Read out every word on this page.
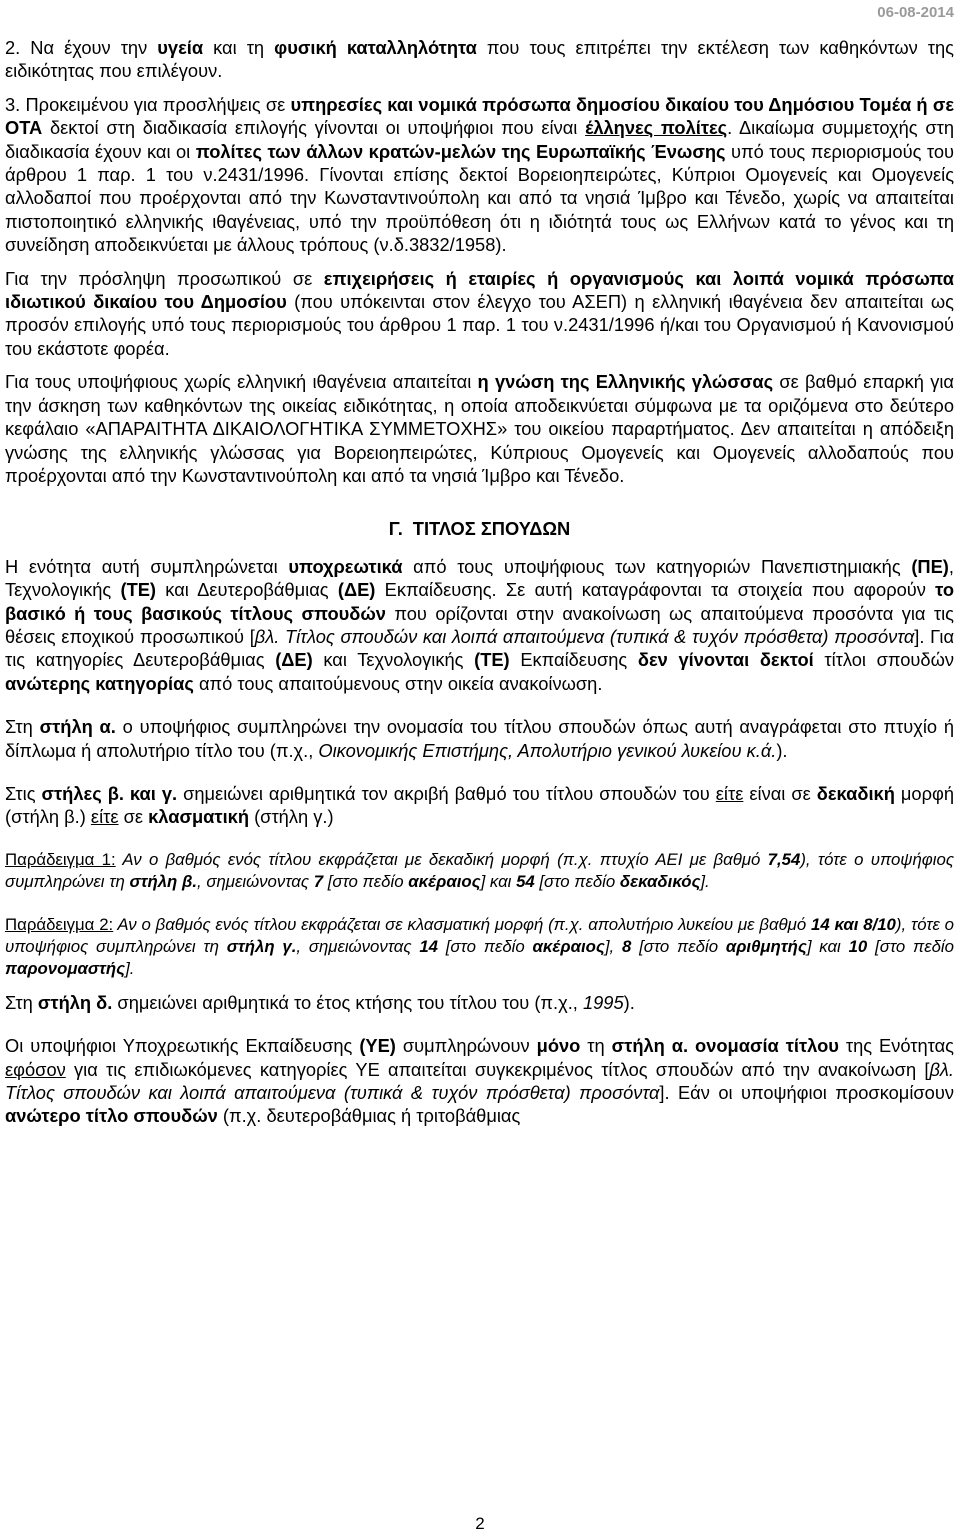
06-08-2014

2. Να έχουν την υγεία και τη φυσική καταλληλότητα που τους επιτρέπει την εκτέλεση των καθηκόντων της ειδικότητας που επιλέγουν.

3. Προκειμένου για προσλήψεις σε υπηρεσίες και νομικά πρόσωπα δημοσίου δικαίου του Δημόσιου Τομέα ή σε ΟΤΑ δεκτοί στη διαδικασία επιλογής γίνονται οι υποψήφιοι που είναι έλληνες πολίτες. Δικαίωμα συμμετοχής στη διαδικασία έχουν και οι πολίτες των άλλων κρατών-μελών της Ευρωπαϊκής Ένωσης υπό τους περιορισμούς του άρθρου 1 παρ. 1 του ν.2431/1996. Γίνονται επίσης δεκτοί Βορειοηπειρώτες, Κύπριοι Ομογενείς και Ομογενείς αλλοδαποί που προέρχονται από την Κωνσταντινούπολη και από τα νησιά Ίμβρο και Τένεδο, χωρίς να απαιτείται πιστοποιητικό ελληνικής ιθαγένειας, υπό την προϋπόθεση ότι η ιδιότητά τους ως Ελλήνων κατά το γένος και τη συνείδηση αποδεικνύεται με άλλους τρόπους (ν.δ.3832/1958).

Για την πρόσληψη προσωπικού σε επιχειρήσεις ή εταιρίες ή οργανισμούς και λοιπά νομικά πρόσωπα ιδιωτικού δικαίου του Δημοσίου (που υπόκεινται στον έλεγχο του ΑΣΕΠ) η ελληνική ιθαγένεια δεν απαιτείται ως προσόν επιλογής υπό τους περιορισμούς του άρθρου 1 παρ. 1 του ν.2431/1996 ή/και του Οργανισμού ή Κανονισμού του εκάστοτε φορέα.

Για τους υποψήφιους χωρίς ελληνική ιθαγένεια απαιτείται η γνώση της Ελληνικής γλώσσας σε βαθμό επαρκή για την άσκηση των καθηκόντων της οικείας ειδικότητας, η οποία αποδεικνύεται σύμφωνα με τα οριζόμενα στο δεύτερο κεφάλαιο «ΑΠΑΡΑΙΤΗΤΑ ΔΙΚΑΙΟΛΟΓΗΤΙΚΑ ΣΥΜΜΕΤΟΧΗΣ» του οικείου παραρτήματος. Δεν απαιτείται η απόδειξη γνώσης της ελληνικής γλώσσας για Βορειοηπειρώτες, Κύπριους Ομογενείς και Ομογενείς αλλοδαπούς που προέρχονται από την Κωνσταντινούπολη και από τα νησιά Ίμβρο και Τένεδο.

Γ. ΤΙΤΛΟΣ ΣΠΟΥΔΩΝ

Η ενότητα αυτή συμπληρώνεται υποχρεωτικά από τους υποψήφιους των κατηγοριών Πανεπιστημιακής (ΠΕ), Τεχνολογικής (ΤΕ) και Δευτεροβάθμιας (ΔΕ) Εκπαίδευσης. Σε αυτή καταγράφονται τα στοιχεία που αφορούν το βασικό ή τους βασικούς τίτλους σπουδών που ορίζονται στην ανακοίνωση ως απαιτούμενα προσόντα για τις θέσεις εποχικού προσωπικού [βλ. Τίτλος σπουδών και λοιπά απαιτούμενα (τυπικά & τυχόν πρόσθετα) προσόντα]. Για τις κατηγορίες Δευτεροβάθμιας (ΔΕ) και Τεχνολογικής (ΤΕ) Εκπαίδευσης δεν γίνονται δεκτοί τίτλοι σπουδών ανώτερης κατηγορίας από τους απαιτούμενους στην οικεία ανακοίνωση.

Στη στήλη α. ο υποψήφιος συμπληρώνει την ονομασία του τίτλου σπουδών όπως αυτή αναγράφεται στο πτυχίο ή δίπλωμα ή απολυτήριο τίτλο του (π.χ., Οικονομικής Επιστήμης, Απολυτήριο γενικού λυκείου κ.ά.).

Στις στήλες β. και γ. σημειώνει αριθμητικά τον ακριβή βαθμό του τίτλου σπουδών του είτε είναι σε δεκαδική μορφή (στήλη β.) είτε σε κλασματική (στήλη γ.)

Παράδειγμα 1: Αν ο βαθμός ενός τίτλου εκφράζεται με δεκαδική μορφή (π.χ. πτυχίο ΑΕΙ με βαθμό 7,54), τότε ο υποψήφιος συμπληρώνει τη στήλη β., σημειώνοντας 7 [στο πεδίο ακέραιος] και 54 [στο πεδίο δεκαδικός].

Παράδειγμα 2: Αν ο βαθμός ενός τίτλου εκφράζεται σε κλασματική μορφή (π.χ. απολυτήριο λυκείου με βαθμό 14 και 8/10), τότε ο υποψήφιος συμπληρώνει τη στήλη γ., σημειώνοντας 14 [στο πεδίο ακέραιος], 8 [στο πεδίο αριθμητής] και 10 [στο πεδίο παρονομαστής].

Στη στήλη δ. σημειώνει αριθμητικά το έτος κτήσης του τίτλου του (π.χ., 1995).

Οι υποψήφιοι Υποχρεωτικής Εκπαίδευσης (ΥΕ) συμπληρώνουν μόνο τη στήλη α. ονομασία τίτλου της Ενότητας εφόσον για τις επιδιωκόμενες κατηγορίες ΥΕ απαιτείται συγκεκριμένος τίτλος σπουδών από την ανακοίνωση [βλ. Τίτλος σπουδών και λοιπά απαιτούμενα (τυπικά & τυχόν πρόσθετα) προσόντα]. Εάν οι υποψήφιοι προσκομίσουν ανώτερο τίτλο σπουδών (π.χ. δευτεροβάθμιας ή τριτοβάθμιας

2
